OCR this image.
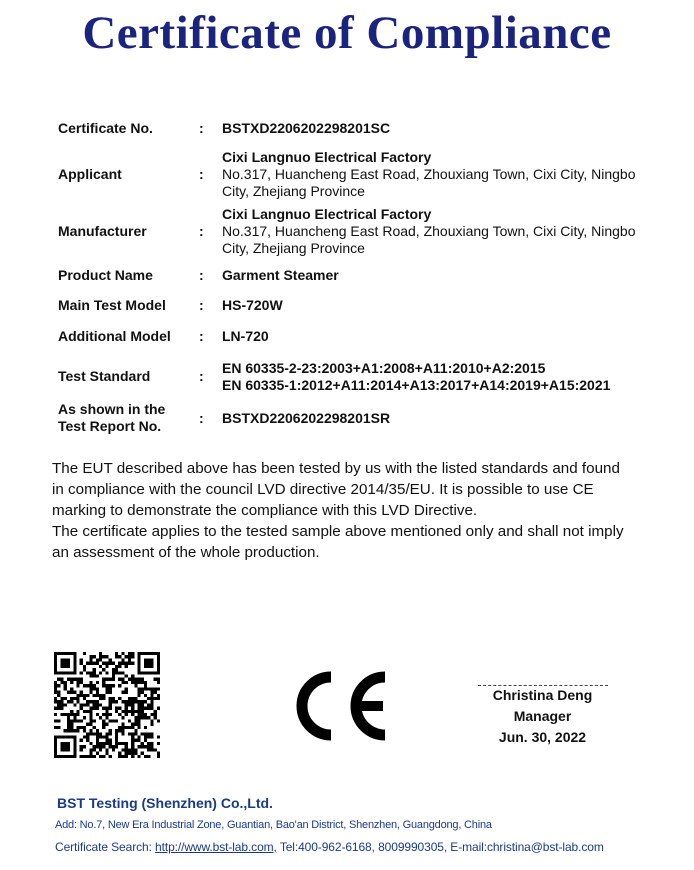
Certificate of Compliance
Certificate No.	: BSTXD2206202298201SC
Applicant	:
Cixi Langnuo Electrical Factory
No.317, Huancheng East Road, Zhouxiang Town, Cixi City, Ningbo
City, Zhejiang Province
Manufacturer	:
Cixi Langnuo Electrical Factory
No.317, Huancheng East Road, Zhouxiang Town, Cixi City, Ningbo
City, Zhejiang Province
Product Name	: Garment Steamer
Main Test Model : HS-720W
Additional Model : LN-720
Test Standard	: EN 60335-2-23:2003+A1:2008+A11:2010+A2:2015
EN 60335-1:2012+A11:2014+A13:2017+A14:2019+A15:2021
As shown in the
Test Report No.	: BSTXD2206202298201SR
The EUT described above has been tested by us with the listed standards and found
in compliance with the council LVD directive 2014/35/EU. It is possible to use CE
marking to demonstrate the compliance with this LVD Directive.
The certificate applies to the tested sample above mentioned only and shall not imply
an assessment of the whole production.
Christina Deng
Manager
Jun. 30, 2022
BST Testing (Shenzhen) Co.,Ltd.
Add: No.7, New Era Industrial Zone, Guantian, Bao'an District, Shenzhen, Guangdong, China
Certificate Search: http://www.bst-lab.com, Tel:400-962-6168, 8009990305, E-mail:christina@bst-lab.com
